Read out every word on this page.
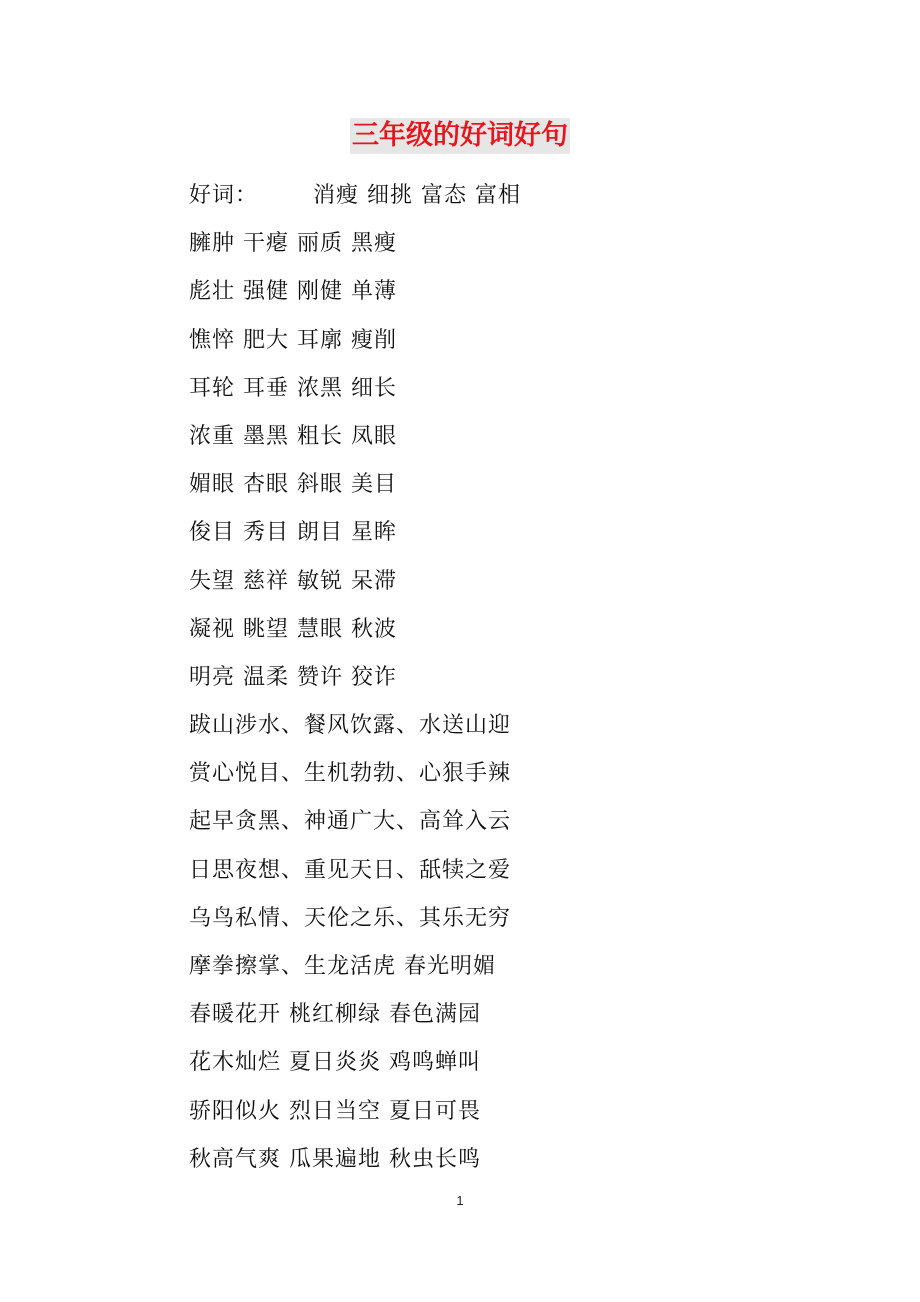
三年级的好词好句
好词： 消瘦 细挑 富态 富相
臃肿 干瘪 丽质 黑瘦
彪壮 强健 刚健 单薄
憔悴 肥大 耳廓 瘦削
耳轮 耳垂 浓黑 细长
浓重 墨黑 粗长 凤眼
媚眼 杏眼 斜眼 美目
俊目 秀目 朗目 星眸
失望 慈祥 敏锐 呆滞
凝视 眺望 慧眼 秋波
明亮 温柔 赞许 狡诈
跋山涉水、餐风饮露、水送山迎
赏心悦目、生机勃勃、心狠手辣
起早贪黑、神通广大、高耸入云
日思夜想、重见天日、舐犊之爱
乌鸟私情、天伦之乐、其乐无穷
摩拳擦掌、生龙活虎 春光明媚
春暖花开 桃红柳绿 春色满园
花木灿烂 夏日炎炎 鸡鸣蝉叫
骄阳似火 烈日当空 夏日可畏
秋高气爽 瓜果遍地 秋虫长鸣
1
